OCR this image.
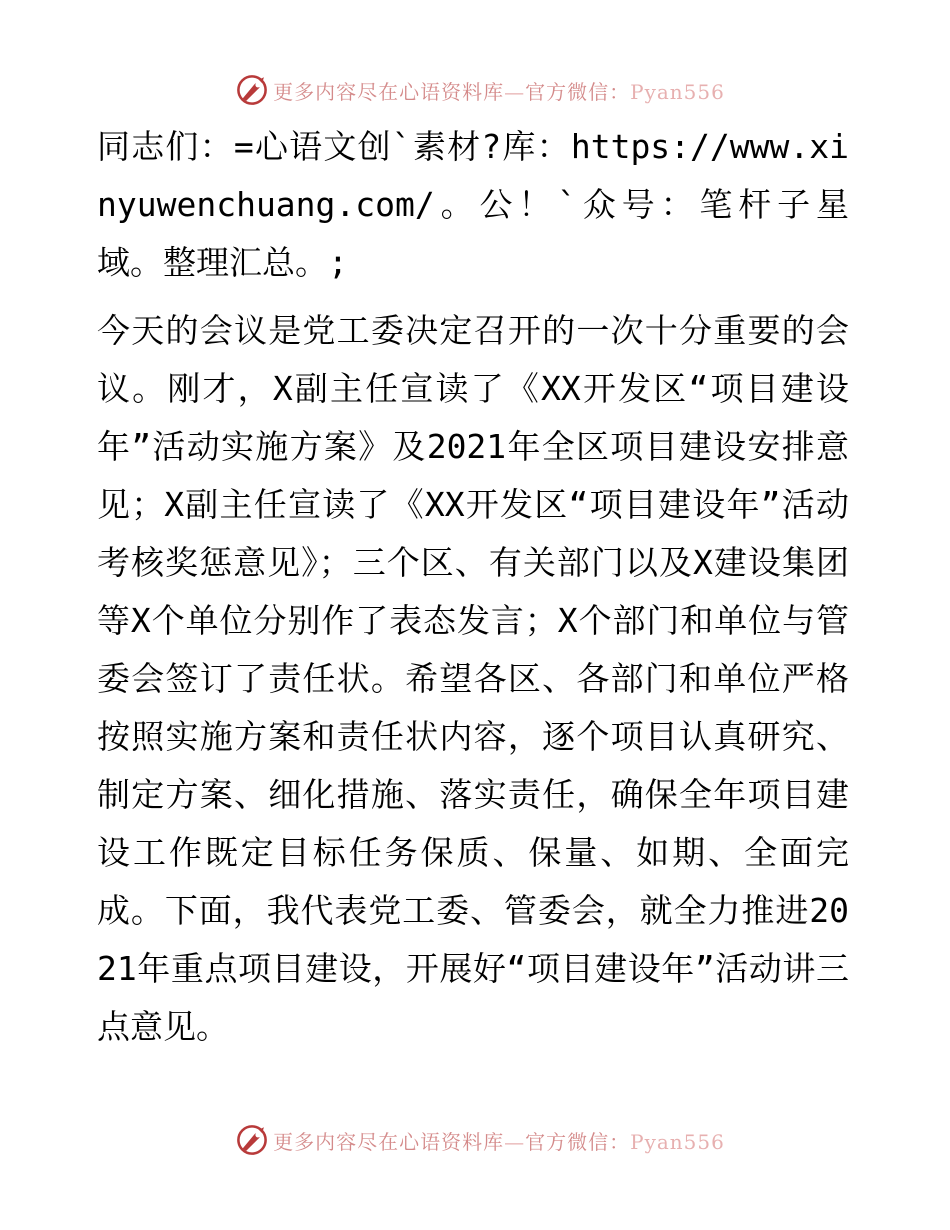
更多内容尽在心语资料库—官方微信：Pyan556

同志们：=心语文创`素材?库：https://www.xinyuwenchuang.com/。公！`众号：笔杆子星域。整理汇总。;

今天的会议是党工委决定召开的一次十分重要的会议。刚才，X副主任宣读了《XX开发区“项目建设年”活动实施方案》及2021年全区项目建设安排意见；X副主任宣读了《XX开发区“项目建设年”活动考核奖惩意见》；三个区、有关部门以及X建设集团等X个单位分别作了表态发言；X个部门和单位与管委会签订了责任状。希望各区、各部门和单位严格按照实施方案和责任状内容，逐个项目认真研究、制定方案、细化措施、落实责任，确保全年项目建设工作既定目标任务保质、保量、如期、全面完成。下面，我代表党工委、管委会，就全力推进2021年重点项目建设，开展好“项目建设年”活动讲三点意见。

更多内容尽在心语资料库—官方微信：Pyan556
